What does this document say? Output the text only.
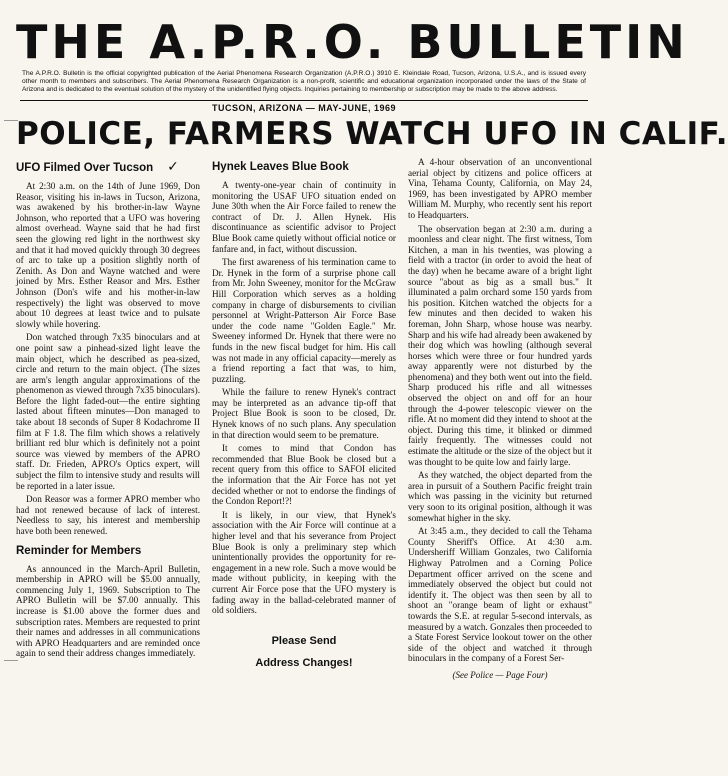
THE A.P.R.O. BULLETIN
The A.P.R.O. Bulletin is the official copyrighted publication of the Aerial Phenomena Research Organization (A.P.R.O.) 3910 E. Kleindale Road, Tucson, Arizona, U.S.A., and is issued every other month to members and subscribers. The Aerial Phenomena Research Organization is a non-profit, scientific and educational organization incorporated under the laws of the State of Arizona and is dedicated to the eventual solution of the mystery of the unidentified flying objects. Inquiries pertaining to membership or subscription may be made to the above address.
TUCSON, ARIZONA — MAY-JUNE, 1969
POLICE, FARMERS WATCH UFO IN CALIF.
UFO Filmed Over Tucson ✓

At 2:30 a.m. on the 14th of June 1969, Don Reasor, visiting his in-laws in Tucson, Arizona, was awakened by his brother-in-law Wayne Johnson, who reported that a UFO was hovering almost overhead. Wayne said that he had first seen the glowing red light in the northwest sky and that it had moved quickly through 30 degrees of arc to take up a position slightly north of Zenith. As Don and Wayne watched and were joined by Mrs. Esther Reasor and Mrs. Esther Johnson (Don's wife and his mother-in-law respectively) the light was observed to move about 10 degrees at least twice and to pulsate slowly while hovering.

Don watched through 7x35 binoculars and at one point saw a pinhead-sized light leave the main object, which he described as pea-sized, circle and return to the main object. (The sizes are arm's length angular approximations of the phenomenon as viewed through 7x35 binoculars). Before the light faded-out—the entire sighting lasted about fifteen minutes—Don managed to take about 18 seconds of Super 8 Kodachrome II film at F 1.8. The film which shows a relatively brilliant red blur which is definitely not a point source was viewed by members of the APRO staff. Dr. Frieden, APRO's Optics expert, will subject the film to intensive study and results will be reported in a later issue.

Don Reasor was a former APRO member who had not renewed because of lack of interest. Needless to say, his interest and membership have both been renewed.

Reminder for Members

As announced in the March-April Bulletin, membership in APRO will be $5.00 annually, commencing July 1, 1969. Subscription to The APRO Bulletin will be $7.00 annually. This increase is $1.00 above the former dues and subscription rates. Members are requested to print their names and addresses in all communications with APRO Headquarters and are reminded once again to send their address changes immediately.

Hynek Leaves Blue Book

A twenty-one-year chain of continuity in monitoring the USAF UFO situation ended on June 30th when the Air Force failed to renew the contract of Dr. J. Allen Hynek. His discontinuance as scientific advisor to Project Blue Book came quietly without official notice or fanfare and, in fact, without discussion.

The first awareness of his termination came to Dr. Hynek in the form of a surprise phone call from Mr. John Sweeney, monitor for the McGraw Hill Corporation which serves as a holding company in charge of disbursements to civilian personnel at Wright-Patterson Air Force Base under the code name "Golden Eagle." Mr. Sweeney informed Dr. Hynek that there were no funds in the new fiscal budget for him. His call was not made in any official capacity—merely as a friend reporting a fact that was, to him, puzzling.

While the failure to renew Hynek's contract may be interpreted as an advance tip-off that Project Blue Book is soon to be closed, Dr. Hynek knows of no such plans. Any speculation in that direction would seem to be premature.

It comes to mind that Condon has recommended that Blue Book be closed but a recent query from this office to SAFOI elicited the information that the Air Force has not yet decided whether or not to endorse the findings of the Condon Report!?!

It is likely, in our view, that Hynek's association with the Air Force will continue at a higher level and that his severance from Project Blue Book is only a preliminary step which unintentionally provides the opportunity for re-engagement in a new role. Such a move would be made without publicity, in keeping with the current Air Force pose that the UFO mystery is fading away in the ballad-celebrated manner of old soldiers.

Please Send
Address Changes!

A 4-hour observation of an unconventional aerial object by citizens and police officers at Vina, Tehama County, California, on May 24, 1969, has been investigated by APRO member William M. Murphy, who recently sent his report to Headquarters.

The observation began at 2:30 a.m. during a moonless and clear night. The first witness, Tom Kitchen, a man in his twenties, was plowing a field with a tractor (in order to avoid the heat of the day) when he became aware of a bright light source "about as big as a small bus." It illuminated a palm orchard some 150 yards from his position. Kitchen watched the objects for a few minutes and then decided to waken his foreman, John Sharp, whose house was nearby. Sharp and his wife had already been awakened by their dog which was howling (although several horses which were three or four hundred yards away apparently were not disturbed by the phenomena) and they both went out into the field. Sharp produced his rifle and all witnesses observed the object on and off for an hour through the 4-power telescopic viewer on the rifle. At no moment did they intend to shoot at the object. During this time, it blinked or dimmed fairly frequently. The witnesses could not estimate the altitude or the size of the object but it was thought to be quite low and fairly large.

As they watched, the object departed from the area in pursuit of a Southern Pacific freight train which was passing in the vicinity but returned very soon to its original position, although it was somewhat higher in the sky.

At 3:45 a.m., they decided to call the Tehama County Sheriff's Office. At 4:30 a.m. Undersheriff William Gonzales, two California Highway Patrolmen and a Corning Police Department officer arrived on the scene and immediately observed the object but could not identify it. The object was then seen by all to shoot an "orange beam of light or exhaust" towards the S.E. at regular 5-second intervals, as measured by a watch. Gonzales then proceeded to a State Forest Service lookout tower on the other side of the object and watched it through binoculars in the company of a Forest Ser-

(See Police — Page Four)
